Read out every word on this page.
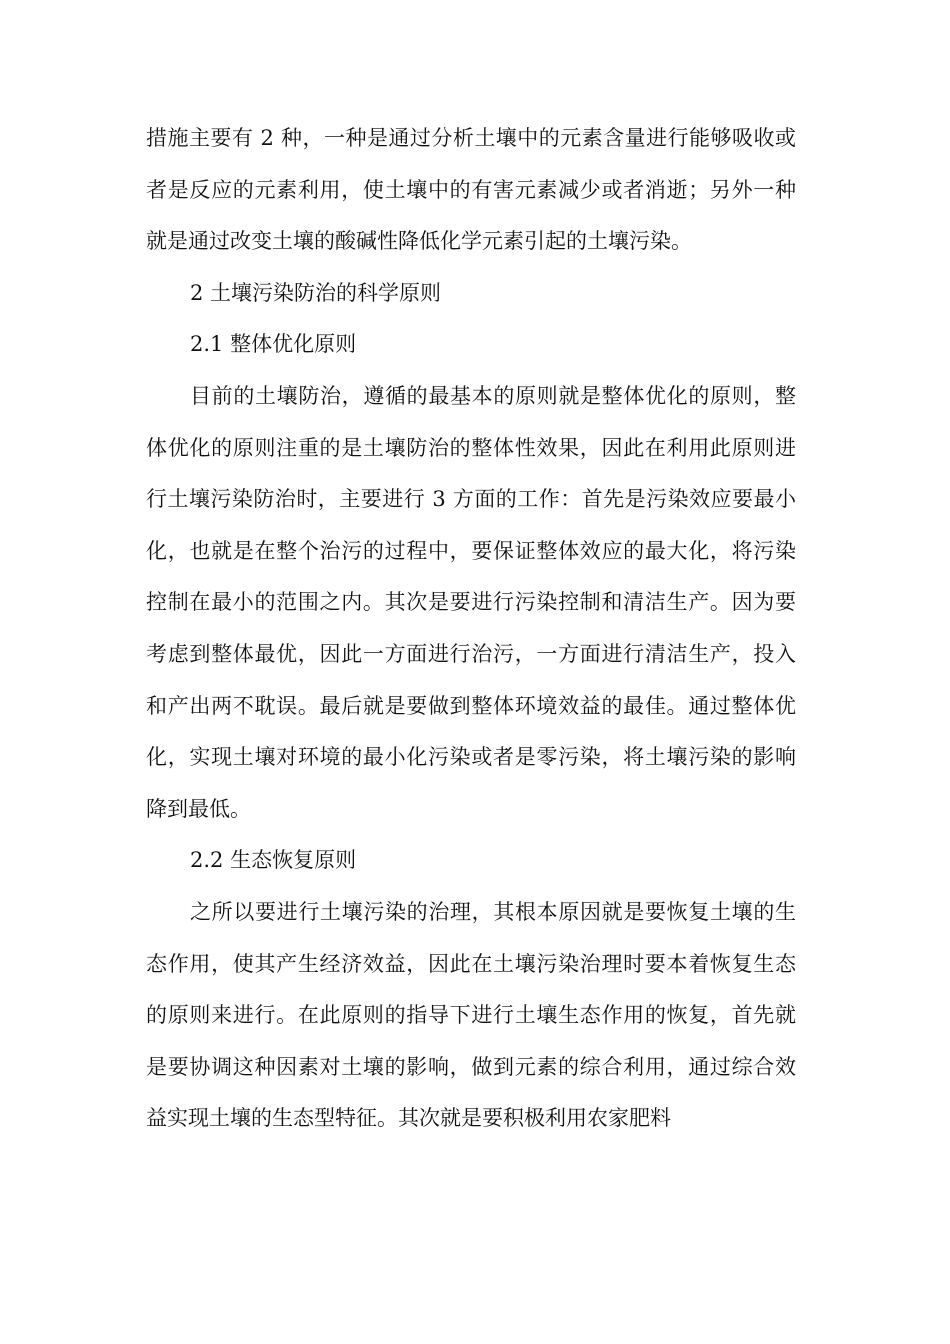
措施主要有 2 种，一种是通过分析土壤中的元素含量进行能够吸收或者是反应的元素利用，使土壤中的有害元素减少或者消逝；另外一种就是通过改变土壤的酸碱性降低化学元素引起的土壤污染。

2 土壤污染防治的科学原则

2.1 整体优化原则

目前的土壤防治，遵循的最基本的原则就是整体优化的原则，整体优化的原则注重的是土壤防治的整体性效果，因此在利用此原则进行土壤污染防治时，主要进行 3 方面的工作：首先是污染效应要最小化，也就是在整个治污的过程中，要保证整体效应的最大化，将污染控制在最小的范围之内。其次是要进行污染控制和清洁生产。因为要考虑到整体最优，因此一方面进行治污，一方面进行清洁生产，投入和产出两不耽误。最后就是要做到整体环境效益的最佳。通过整体优化，实现土壤对环境的最小化污染或者是零污染，将土壤污染的影响降到最低。

2.2 生态恢复原则

之所以要进行土壤污染的治理，其根本原因就是要恢复土壤的生态作用，使其产生经济效益，因此在土壤污染治理时要本着恢复生态的原则来进行。在此原则的指导下进行土壤生态作用的恢复，首先就是要协调这种因素对土壤的影响，做到元素的综合利用，通过综合效益实现土壤的生态型特征。其次就是要积极利用农家肥料
